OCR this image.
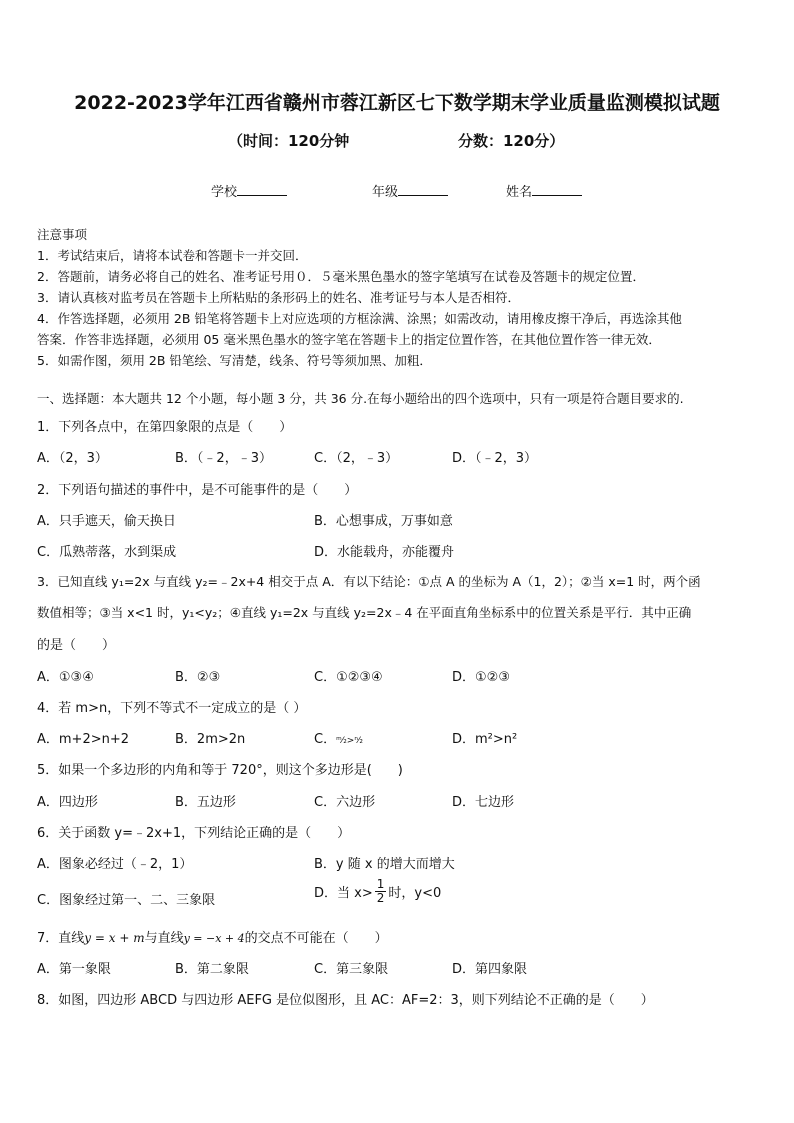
2022-2023学年江西省赣州市蓉江新区七下数学期末学业质量监测模拟试题
（时间：120分钟	分数：120分）
学校	年级	姓名
注意事项
1．考试结束后，请将本试卷和答题卡一并交回．
2．答题前，请务必将自己的姓名、准考证号用０．５毫米黑色墨水的签字笔填写在试卷及答题卡的规定位置．
3．请认真核对监考员在答题卡上所粘贴的条形码上的姓名、准考证号与本人是否相符．
4．作答选择题，必须用 2B 铅笔将答题卡上对应选项的方框涂满、涂黑；如需改动，请用橡皮擦干净后，再选涂其他
答案．作答非选择题，必须用 05 毫米黑色墨水的签字笔在答题卡上的指定位置作答，在其他位置作答一律无效．
5．如需作图，须用 2B 铅笔绘、写清楚，线条、符号等须加黑、加粗．
一、选择题：本大题共 12 个小题，每小题 3 分，共 36 分.在每小题给出的四个选项中，只有一项是符合题目要求的.
1．下列各点中，在第四象限的点是（　　）
A．（2，3）	B．（﹣2，﹣3）	C．（2，﹣3）	D．（﹣2，3）
2．下列语句描述的事件中，是不可能事件的是（　　）
A．只手遮天，偷天换日	B．心想事成，万事如意
C．瓜熟蒂落，水到渠成	D．水能载舟，亦能覆舟
3．已知直线 y₁=2x 与直线 y₂=﹣2x+4 相交于点 A．有以下结论：①点 A 的坐标为 A（1，2）；②当 x=1 时，两个函
数值相等；③当 x<1 时，y₁<y₂；④直线 y₁=2x 与直线 y₂=2x﹣4 在平面直角坐标系中的位置关系是平行．其中正确
的是（　　）
A．①③④	B．②③	C．①②③④	D．①②③
4．若 m>n，下列不等式不一定成立的是（ ）
A．m+2>n+2	B．2m>2n	C．ᵐ⁄₂>ⁿ⁄₂	D．m²>n²
5．如果一个多边形的内角和等于 720°，则这个多边形是(　　)
A．四边形	B．五边形	C．六边形	D．七边形
6．关于函数 y=﹣2x+1，下列结论正确的是（　　）
A．图象必经过（﹣2，1）	B．y 随 x 的增大而增大
C．图象经过第一、二、三象限	D．当 $x> \frac{1}{2}$ 时，y<0
7．直线y = x + m与直线y = −x + 4的交点不可能在（　　）
A．第一象限	B．第二象限	C．第三象限	D．第四象限
8．如图，四边形 ABCD 与四边形 AEFG 是位似图形，且 AC：AF=2：3，则下列结论不正确的是（　　）
